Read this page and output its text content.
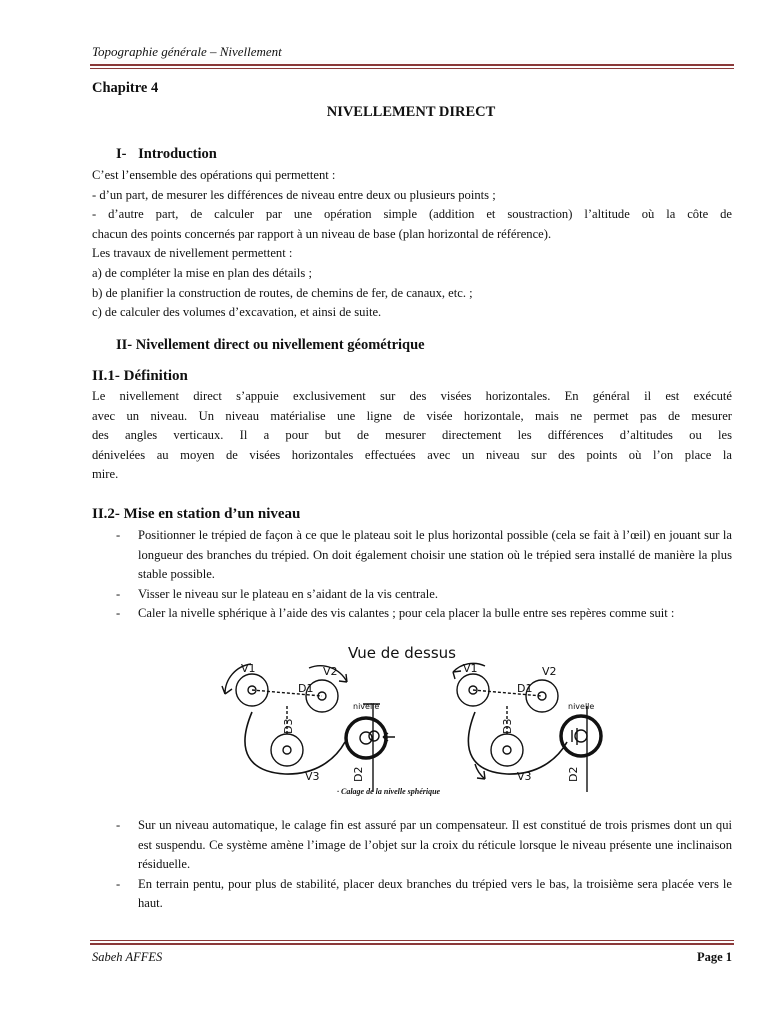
Topographie générale – Nivellement
Chapitre 4
NIVELLEMENT DIRECT
I- Introduction
C’est l’ensemble des opérations qui permettent :
- d’un part, de mesurer les différences de niveau entre deux ou plusieurs points ;
- d’autre part, de calculer par une opération simple (addition et soustraction) l’altitude où la côte de
chacun des points concernés par rapport à un niveau de base (plan horizontal de référence).
Les travaux de nivellement permettent :
a) de compléter la mise en plan des détails ;
b) de planifier la construction de routes, de chemins de fer, de canaux, etc. ;
c) de calculer des volumes d’excavation, et ainsi de suite.
II- Nivellement direct ou nivellement géométrique
II.1- Définition
Le nivellement direct s’appuie exclusivement sur des visées horizontales. En général il est exécuté
avec un niveau. Un niveau matérialise une ligne de visée horizontale, mais ne permet pas de mesurer
des angles verticaux. Il a pour but de mesurer directement les différences d’altitudes ou les
dénivelées au moyen de visées horizontales effectuées avec un niveau sur des points où l’on place la
mire.
II.2- Mise en station d’un niveau
- Positionner le trépied de façon à ce que le plateau soit le plus horizontal possible (cela se fait à l’œil) en jouant sur la longueur des branches du trépied. On doit également choisir une station où le trépied sera installé de manière la plus stable possible.
- Visser le niveau sur le plateau en s’aidant de la vis centrale.
- Caler la nivelle sphérique à l’aide des vis calantes ; pour cela placer la bulle entre ses repères comme suit :
Vue de dessus
V1	V2
D1
V3
nivelle
D3
D2
V1	V2
D1
V3
nivelle
D3
D2
· Calage de la nivelle sphérique
- Sur un niveau automatique, le calage fin est assuré par un compensateur. Il est constitué de trois prismes dont un qui est suspendu. Ce système amène l’image de l’objet sur la croix du réticule lorsque le niveau présente une inclinaison résiduelle.
- En terrain pentu, pour plus de stabilité, placer deux branches du trépied vers le bas, la troisième sera placée vers le haut.
Sabeh AFFES	Page 1
